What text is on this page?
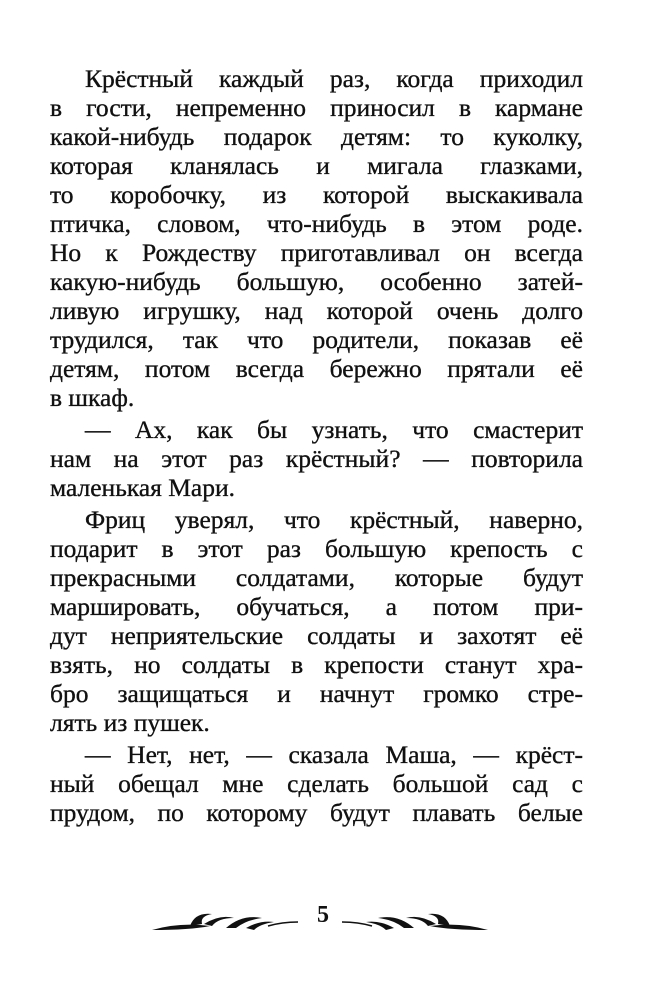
Крёстный каждый раз, когда приходил
в гости, непременно приносил в кармане
какой-нибудь подарок детям: то куколку,
которая кланялась и мигала глазками,
то коробочку, из которой выскакивала
птичка, словом, что-нибудь в этом роде.
Но к Рождеству приготавливал он всегда
какую-нибудь большую, особенно затей-
ливую игрушку, над которой очень долго
трудился, так что родители, показав её
детям, потом всегда бережно прятали её
в шкаф.
— Ах, как бы узнать, что смастерит
нам на этот раз крёстный? — повторила
маленькая Мари.
Фриц уверял, что крёстный, наверно,
подарит в этот раз большую крепость с
прекрасными солдатами, которые будут
маршировать, обучаться, а потом при-
дут неприятельские солдаты и захотят её
взять, но солдаты в крепости станут хра-
бро защищаться и начнут громко стре-
лять из пушек.
— Нет, нет, — сказала Маша, — крёст-
ный обещал мне сделать большой сад с
прудом, по которому будут плавать белые
5
